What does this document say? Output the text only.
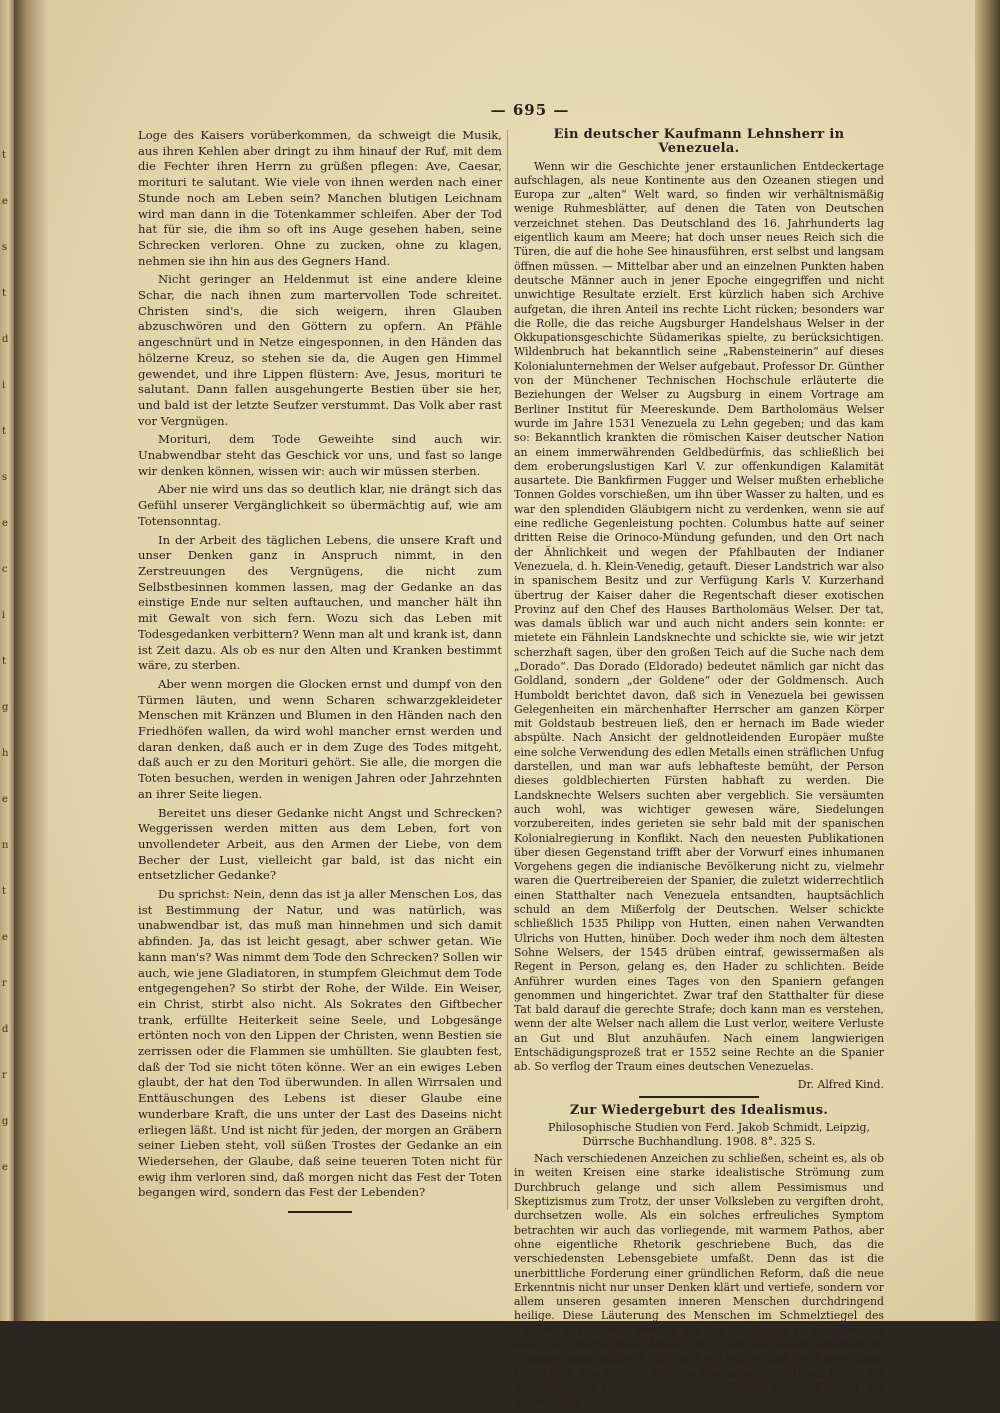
t
e
s
t
d
i
t
s
e
c
i
t
g
h
e
n
t
e
r
d
r
g
e
— 695 —

Loge des Kaisers vorüberkommen, da schweigt die Musik, aus ihren Kehlen aber dringt zu ihm hinauf der Ruf, mit dem die Fechter ihren Herrn zu grüßen pflegen: Ave, Caesar, morituri te salutant. Wie viele von ihnen werden nach einer Stunde noch am Leben sein? Manchen blutigen Leichnam wird man dann in die Totenkammer schleifen. Aber der Tod hat für sie, die ihm so oft ins Auge gesehen haben, seine Schrecken verloren. Ohne zu zucken, ohne zu klagen, nehmen sie ihn hin aus des Gegners Hand.

Nicht geringer an Heldenmut ist eine andere kleine Schar, die nach ihnen zum martervollen Tode schreitet. Christen sind's, die sich weigern, ihren Glauben abzuschwören und den Göttern zu opfern. An Pfähle angeschnürt und in Netze eingesponnen, in den Händen das hölzerne Kreuz, so stehen sie da, die Augen gen Himmel gewendet, und ihre Lippen flüstern: Ave, Jesus, morituri te salutant. Dann fallen ausgehungerte Bestien über sie her, und bald ist der letzte Seufzer verstummt. Das Volk aber rast vor Vergnügen.

Morituri, dem Tode Geweihte sind auch wir. Unabwendbar steht das Geschick vor uns, und fast so lange wir denken können, wissen wir: auch wir müssen sterben.

Aber nie wird uns das so deutlich klar, nie drängt sich das Gefühl unserer Vergänglichkeit so übermächtig auf, wie am Totensonntag.

In der Arbeit des täglichen Lebens, die unsere Kraft und unser Denken ganz in Anspruch nimmt, in den Zerstreuungen des Vergnügens, die nicht zum Selbstbesinnen kommen lassen, mag der Gedanke an das einstige Ende nur selten auftauchen, und mancher hält ihn mit Gewalt von sich fern. Wozu sich das Leben mit Todesgedanken verbittern? Wenn man alt und krank ist, dann ist Zeit dazu. Als ob es nur den Alten und Kranken bestimmt wäre, zu sterben.

Aber wenn morgen die Glocken ernst und dumpf von den Türmen läuten, und wenn Scharen schwarzgekleideter Menschen mit Kränzen und Blumen in den Händen nach den Friedhöfen wallen, da wird wohl mancher ernst werden und daran denken, daß auch er in dem Zuge des Todes mitgeht, daß auch er zu den Morituri gehört. Sie alle, die morgen die Toten besuchen, werden in wenigen Jahren oder Jahrzehnten an ihrer Seite liegen.

Bereitet uns dieser Gedanke nicht Angst und Schrecken? Weggerissen werden mitten aus dem Leben, fort von unvollendeter Arbeit, aus den Armen der Liebe, von dem Becher der Lust, vielleicht gar bald, ist das nicht ein entsetzlicher Gedanke?

Du sprichst: Nein, denn das ist ja aller Menschen Los, das ist Bestimmung der Natur, und was natürlich, was unabwendbar ist, das muß man hinnehmen und sich damit abfinden. Ja, das ist leicht gesagt, aber schwer getan. Wie kann man's? Was nimmt dem Tode den Schrecken? Sollen wir auch, wie jene Gladiatoren, in stumpfem Gleichmut dem Tode entgegengehen? So stirbt der Rohe, der Wilde. Ein Weiser, ein Christ, stirbt also nicht. Als Sokrates den Giftbecher trank, erfüllte Heiterkeit seine Seele, und Lobgesänge ertönten noch von den Lippen der Christen, wenn Bestien sie zerrissen oder die Flammen sie umhüllten. Sie glaubten fest, daß der Tod sie nicht töten könne. Wer an ein ewiges Leben glaubt, der hat den Tod überwunden. In allen Wirrsalen und Enttäuschungen des Lebens ist dieser Glaube eine wunderbare Kraft, die uns unter der Last des Daseins nicht erliegen läßt. Und ist nicht für jeden, der morgen an Gräbern seiner Lieben steht, voll süßen Trostes der Gedanke an ein Wiedersehen, der Glaube, daß seine teueren Toten nicht für ewig ihm verloren sind, daß morgen nicht das Fest der Toten begangen wird, sondern das Fest der Lebenden?

Ein deutscher Kaufmann Lehnsherr in Venezuela.

Wenn wir die Geschichte jener erstaunlichen Entdeckertage aufschlagen, als neue Kontinente aus den Ozeanen stiegen und Europa zur „alten“ Welt ward, so finden wir verhältnismäßig wenige Ruhmesblätter, auf denen die Taten von Deutschen verzeichnet stehen. Das Deutschland des 16. Jahrhunderts lag eigentlich kaum am Meere; hat doch unser neues Reich sich die Türen, die auf die hohe See hinausführen, erst selbst und langsam öffnen müssen. — Mittelbar aber und an einzelnen Punkten haben deutsche Männer auch in jener Epoche eingegriffen und nicht unwichtige Resultate erzielt. Erst kürzlich haben sich Archive aufgetan, die ihren Anteil ins rechte Licht rücken; besonders war die Rolle, die das reiche Augsburger Handelshaus Welser in der Okkupationsgeschichte Südamerikas spielte, zu berücksichtigen. Wildenbruch hat bekanntlich seine „Rabensteinerin“ auf dieses Kolonialunternehmen der Welser aufgebaut. Professor Dr. Günther von der Münchener Technischen Hochschule erläuterte die Beziehungen der Welser zu Augsburg in einem Vortrage am Berliner Institut für Meereskunde. Dem Bartholomäus Welser wurde im Jahre 1531 Venezuela zu Lehn gegeben; und das kam so: Bekanntlich krankten die römischen Kaiser deutscher Nation an einem immerwährenden Geldbedürfnis, das schließlich bei dem eroberungslustigen Karl V. zur offenkundigen Kalamität ausartete. Die Bankfirmen Fugger und Welser mußten erhebliche Tonnen Goldes vorschießen, um ihn über Wasser zu halten, und es war den splendiden Gläubigern nicht zu verdenken, wenn sie auf eine redliche Gegenleistung pochten. Columbus hatte auf seiner dritten Reise die Orinoco-Mündung gefunden, und den Ort nach der Ähnlichkeit und wegen der Pfahlbauten der Indianer Venezuela, d. h. Klein-Venedig, getauft. Dieser Landstrich war also in spanischem Besitz und zur Verfügung Karls V. Kurzerhand übertrug der Kaiser daher die Regentschaft dieser exotischen Provinz auf den Chef des Hauses Bartholomäus Welser. Der tat, was damals üblich war und auch nicht anders sein konnte: er mietete ein Fähnlein Landsknechte und schickte sie, wie wir jetzt scherzhaft sagen, über den großen Teich auf die Suche nach dem „Dorado“. Das Dorado (Eldorado) bedeutet nämlich gar nicht das Goldland, sondern „der Goldene“ oder der Goldmensch. Auch Humboldt berichtet davon, daß sich in Venezuela bei gewissen Gelegenheiten ein märchenhafter Herrscher am ganzen Körper mit Goldstaub bestreuen ließ, den er hernach im Bade wieder abspülte. Nach Ansicht der geldnotleidenden Europäer mußte eine solche Verwendung des edlen Metalls einen sträflichen Unfug darstellen, und man war aufs lebhafteste bemüht, der Person dieses goldblechierten Fürsten habhaft zu werden. Die Landsknechte Welsers suchten aber vergeblich. Sie versäumten auch wohl, was wichtiger gewesen wäre, Siedelungen vorzubereiten, indes gerieten sie sehr bald mit der spanischen Kolonialregierung in Konflikt. Nach den neuesten Publikationen über diesen Gegenstand trifft aber der Vorwurf eines inhumanen Vorgehens gegen die indianische Bevölkerung nicht zu, vielmehr waren die Quertreibereien der Spanier, die zuletzt widerrechtlich einen Statthalter nach Venezuela entsandten, hauptsächlich schuld an dem Mißerfolg der Deutschen. Welser schickte schließlich 1535 Philipp von Hutten, einen nahen Verwandten Ulrichs von Hutten, hinüber. Doch weder ihm noch dem ältesten Sohne Welsers, der 1545 drüben eintraf, gewissermaßen als Regent in Person, gelang es, den Hader zu schlichten. Beide Anführer wurden eines Tages von den Spaniern gefangen genommen und hingerichtet. Zwar traf den Statthalter für diese Tat bald darauf die gerechte Strafe; doch kann man es verstehen, wenn der alte Welser nach allem die Lust verlor, weitere Verluste an Gut und Blut anzuhäufen. Nach einem langwierigen Entschädigungsprozeß trat er 1552 seine Rechte an die Spanier ab. So verflog der Traum eines deutschen Venezuelas.

Dr. Alfred Kind.

Zur Wiedergeburt des Idealismus.

Philosophische Studien von Ferd. Jakob Schmidt, Leipzig, Dürrsche Buchhandlung. 1908. 8°. 325 S.

Nach verschiedenen Anzeichen zu schließen, scheint es, als ob in weiten Kreisen eine starke idealistische Strömung zum Durchbruch gelange und sich allem Pessimismus und Skeptizismus zum Trotz, der unser Volksleben zu vergiften droht, durchsetzen wolle. Als ein solches erfreuliches Symptom betrachten wir auch das vorliegende, mit warmem Pathos, aber ohne eigentliche Rhetorik geschriebene Buch, das die verschiedensten Lebensgebiete umfaßt. Denn das ist die unerbittliche Forderung einer gründlichen Reform, daß die neue Erkenntnis nicht nur unser Denken klärt und vertiefe, sondern vor allem unseren gesamten inneren Menschen durchdringend heilige. Diese Läuterung des Menschen im Schmelztiegel des Ewigen, des Geistes, vermag nur der Idealismus zu schaffen, der eben die überragende Macht der Ideen als selbstverständliche Voraussetzung zugleich und auch als letztes Ziel der Entwicklung betrachtet. Das höchste Ziel des Menschen, erklärt mit Recht der Verfasser, und zugleich sein wahrer Begriff ist die Freiheit der universellen
